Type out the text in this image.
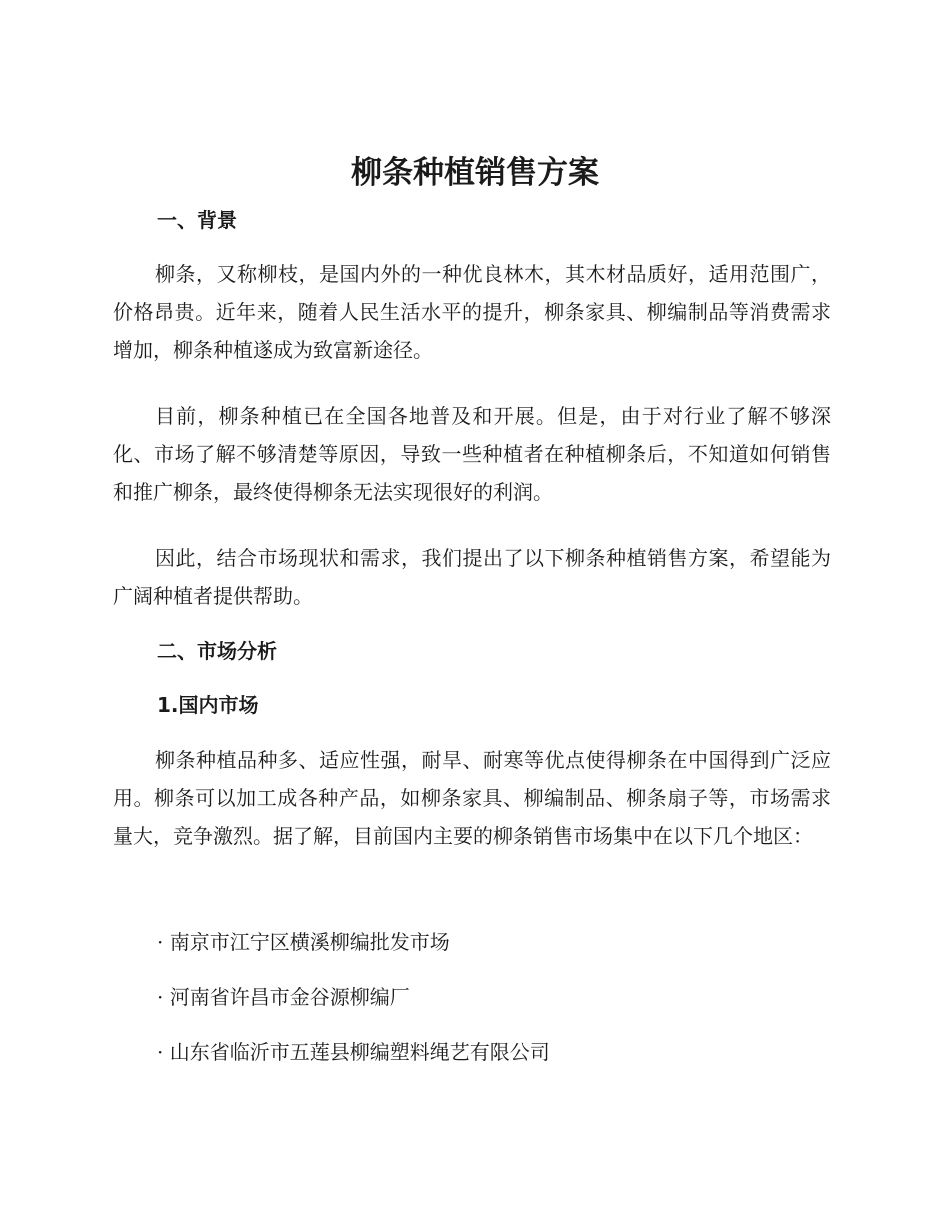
柳条种植销售方案
一、背景

柳条，又称柳枝，是国内外的一种优良林木，其木材品质好，适用范围广，价格昂贵。近年来，随着人民生活水平的提升，柳条家具、柳编制品等消费需求增加，柳条种植遂成为致富新途径。

目前，柳条种植已在全国各地普及和开展。但是，由于对行业了解不够深化、市场了解不够清楚等原因，导致一些种植者在种植柳条后，不知道如何销售和推广柳条，最终使得柳条无法实现很好的利润。

因此，结合市场现状和需求，我们提出了以下柳条种植销售方案，希望能为广阔种植者提供帮助。

二、市场分析
1.国内市场

柳条种植品种多、适应性强，耐旱、耐寒等优点使得柳条在中国得到广泛应用。柳条可以加工成各种产品，如柳条家具、柳编制品、柳条扇子等，市场需求量大，竞争激烈。据了解，目前国内主要的柳条销售市场集中在以下几个地区：

· 南京市江宁区横溪柳编批发市场

· 河南省许昌市金谷源柳编厂

· 山东省临沂市五莲县柳编塑料绳艺有限公司
